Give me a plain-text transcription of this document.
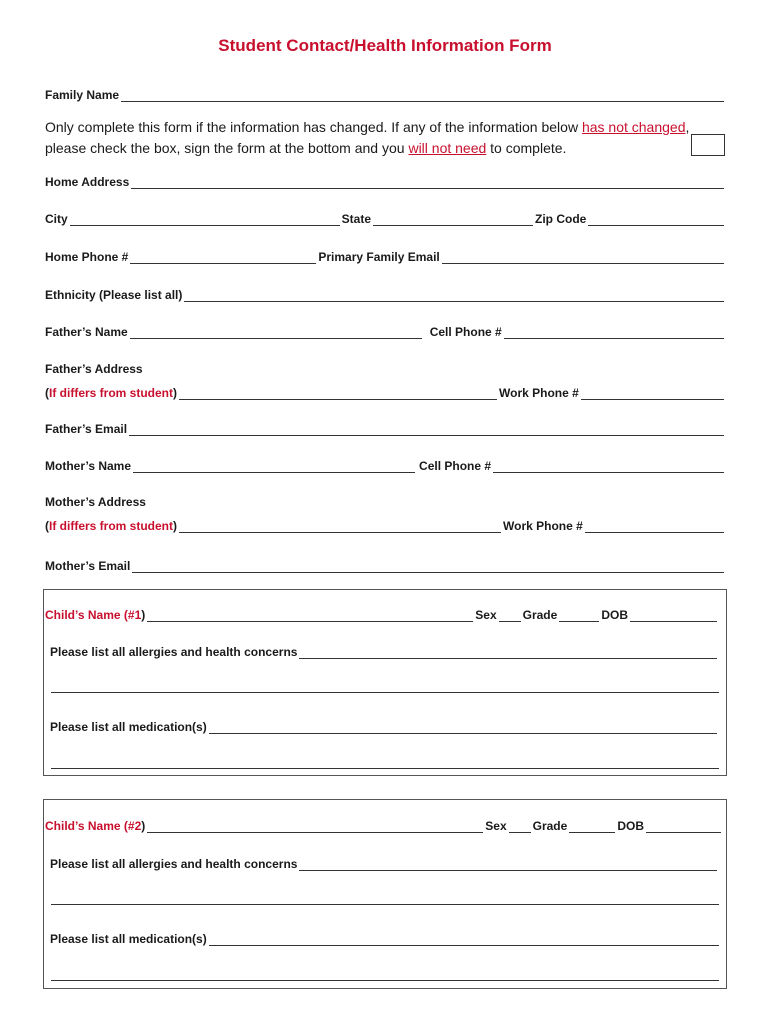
Student Contact/Health Information Form
Family Name
Only complete this form if the information has changed. If any of the information below has not changed, please check the box, sign the form at the bottom and you will not need to complete.
Home Address
City	State	Zip Code
Home Phone #	Primary Family Email
Ethnicity (Please list all)
Father’s Name	Cell Phone #
Father’s Address
( If differs from student )	Work Phone #
Father’s Email
Mother’s Name	Cell Phone #
Mother’s Address
( If differs from student )	Work Phone #
Mother’s Email
Child’s Name (#1 )	Sex Grade	DOB
Please list all allergies and health concerns
Please list all medication(s)
Child’s Name (#2 )	Sex Grade	DOB
Please list all allergies and health concerns
Please list all medication(s)
